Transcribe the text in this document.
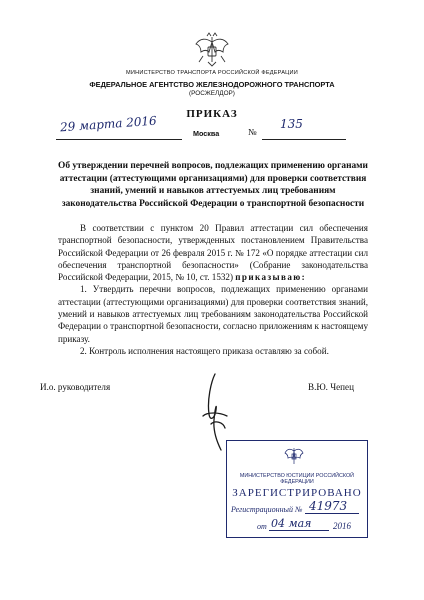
МИНИСТЕРСТВО ТРАНСПОРТА РОССИЙСКОЙ ФЕДЕРАЦИИ
ФЕДЕРАЛЬНОЕ АГЕНТСТВО ЖЕЛЕЗНОДОРОЖНОГО ТРАНСПОРТА
(РОСЖЕЛДОР)
ПРИКАЗ
29 марта 2016	Москва	№
135
Об утверждении перечней вопросов, подлежащих применению органами аттестации (аттестующими организациями) для проверки соответствия знаний, умений и навыков аттестуемых лиц требованиям законодательства Российской Федерации о транспортной безопасности

В соответствии с пунктом 20 Правил аттестации сил обеспечения транспортной безопасности, утвержденных постановлением Правительства Российской Федерации от 26 февраля 2015 г. № 172 «О порядке аттестации сил обеспечения транспортной безопасности» (Собрание законодательства Российской Федерации, 2015, № 10, ст. 1532) приказываю:

1. Утвердить перечни вопросов, подлежащих применению органами аттестации (аттестующими организациями) для проверки соответствия знаний, умений и навыков аттестуемых лиц требованиям законодательства Российской Федерации о транспортной безопасности, согласно приложениям к настоящему приказу.

2. Контроль исполнения настоящего приказа оставляю за собой.

И.о. руководителя	В.Ю. Чепец
МИНИСТЕРСТВО ЮСТИЦИИ РОССИЙСКОЙ ФЕДЕРАЦИИ
ЗАРЕГИСТРИРОВАНО
Регистрационный № 41973
от 04 мая 2016
